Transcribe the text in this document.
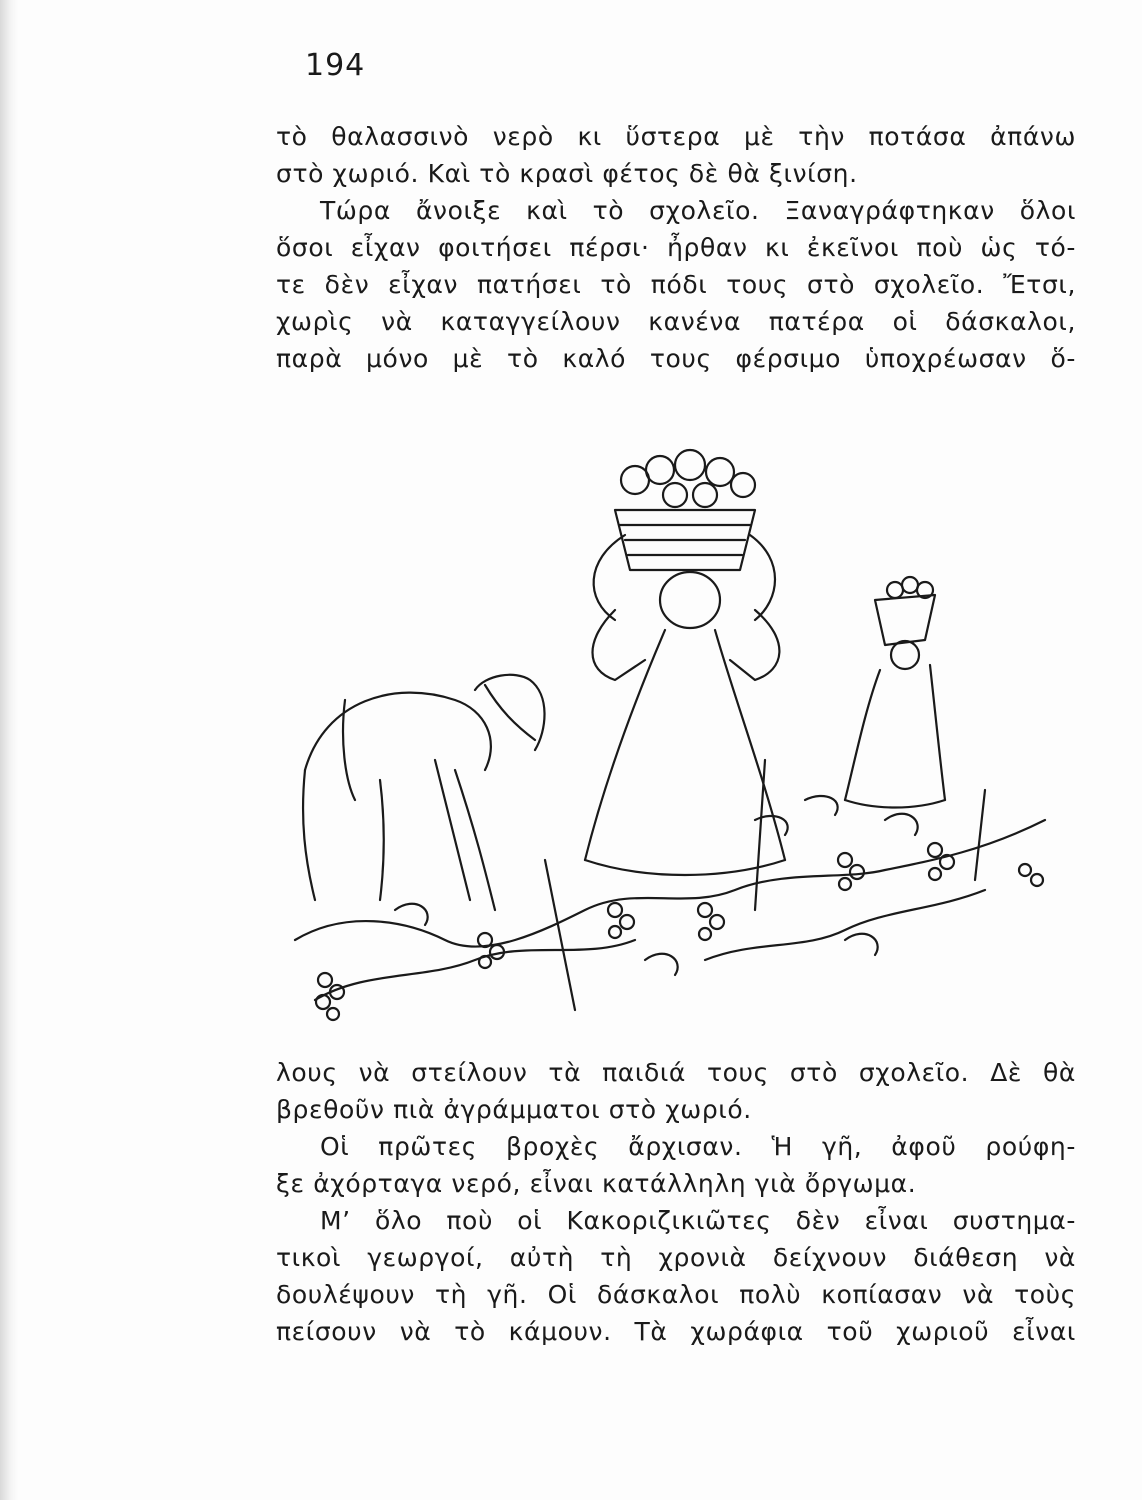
194
τὸ θαλασσινὸ νερὸ κι ὕστερα μὲ τὴν ποτάσα ἀπάνω
στὸ χωριό. Καὶ τὸ κρασὶ φέτος δὲ θὰ ξινίση.
Τώρα ἄνοιξε καὶ τὸ σχολεῖο. Ξαναγράφτηκαν ὅλοι
ὅσοι εἶχαν φοιτήσει πέρσι· ἦρθαν κι ἐκεῖνοι ποὺ ὡς τό-
τε δὲν εἶχαν πατήσει τὸ πόδι τους στὸ σχολεῖο. Ἔτσι,
χωρὶς νὰ καταγγείλουν κανένα πατέρα οἱ δάσκαλοι,
παρὰ μόνο μὲ τὸ καλό τους φέρσιμο ὑποχρέωσαν ὅ-
λους νὰ στείλουν τὰ παιδιά τους στὸ σχολεῖο. Δὲ θὰ
βρεθοῦν πιὰ ἀγράμματοι στὸ χωριό.
Οἱ πρῶτες βροχὲς ἄρχισαν. Ἡ γῆ, ἀφοῦ ρούφη-
ξε ἀχόρταγα νερό, εἶναι κατάλληλη γιὰ ὄργωμα.
Μ’ ὅλο ποὺ οἱ Κακοριζικιῶτες δὲν εἶναι συστημα-
τικοὶ γεωργοί, αὐτὴ τὴ χρονιὰ δείχνουν διάθεση νὰ
δουλέψουν τὴ γῆ. Οἱ δάσκαλοι πολὺ κοπίασαν νὰ τοὺς
πείσουν νὰ τὸ κάμουν. Τὰ χωράφια τοῦ χωριοῦ εἶναι
